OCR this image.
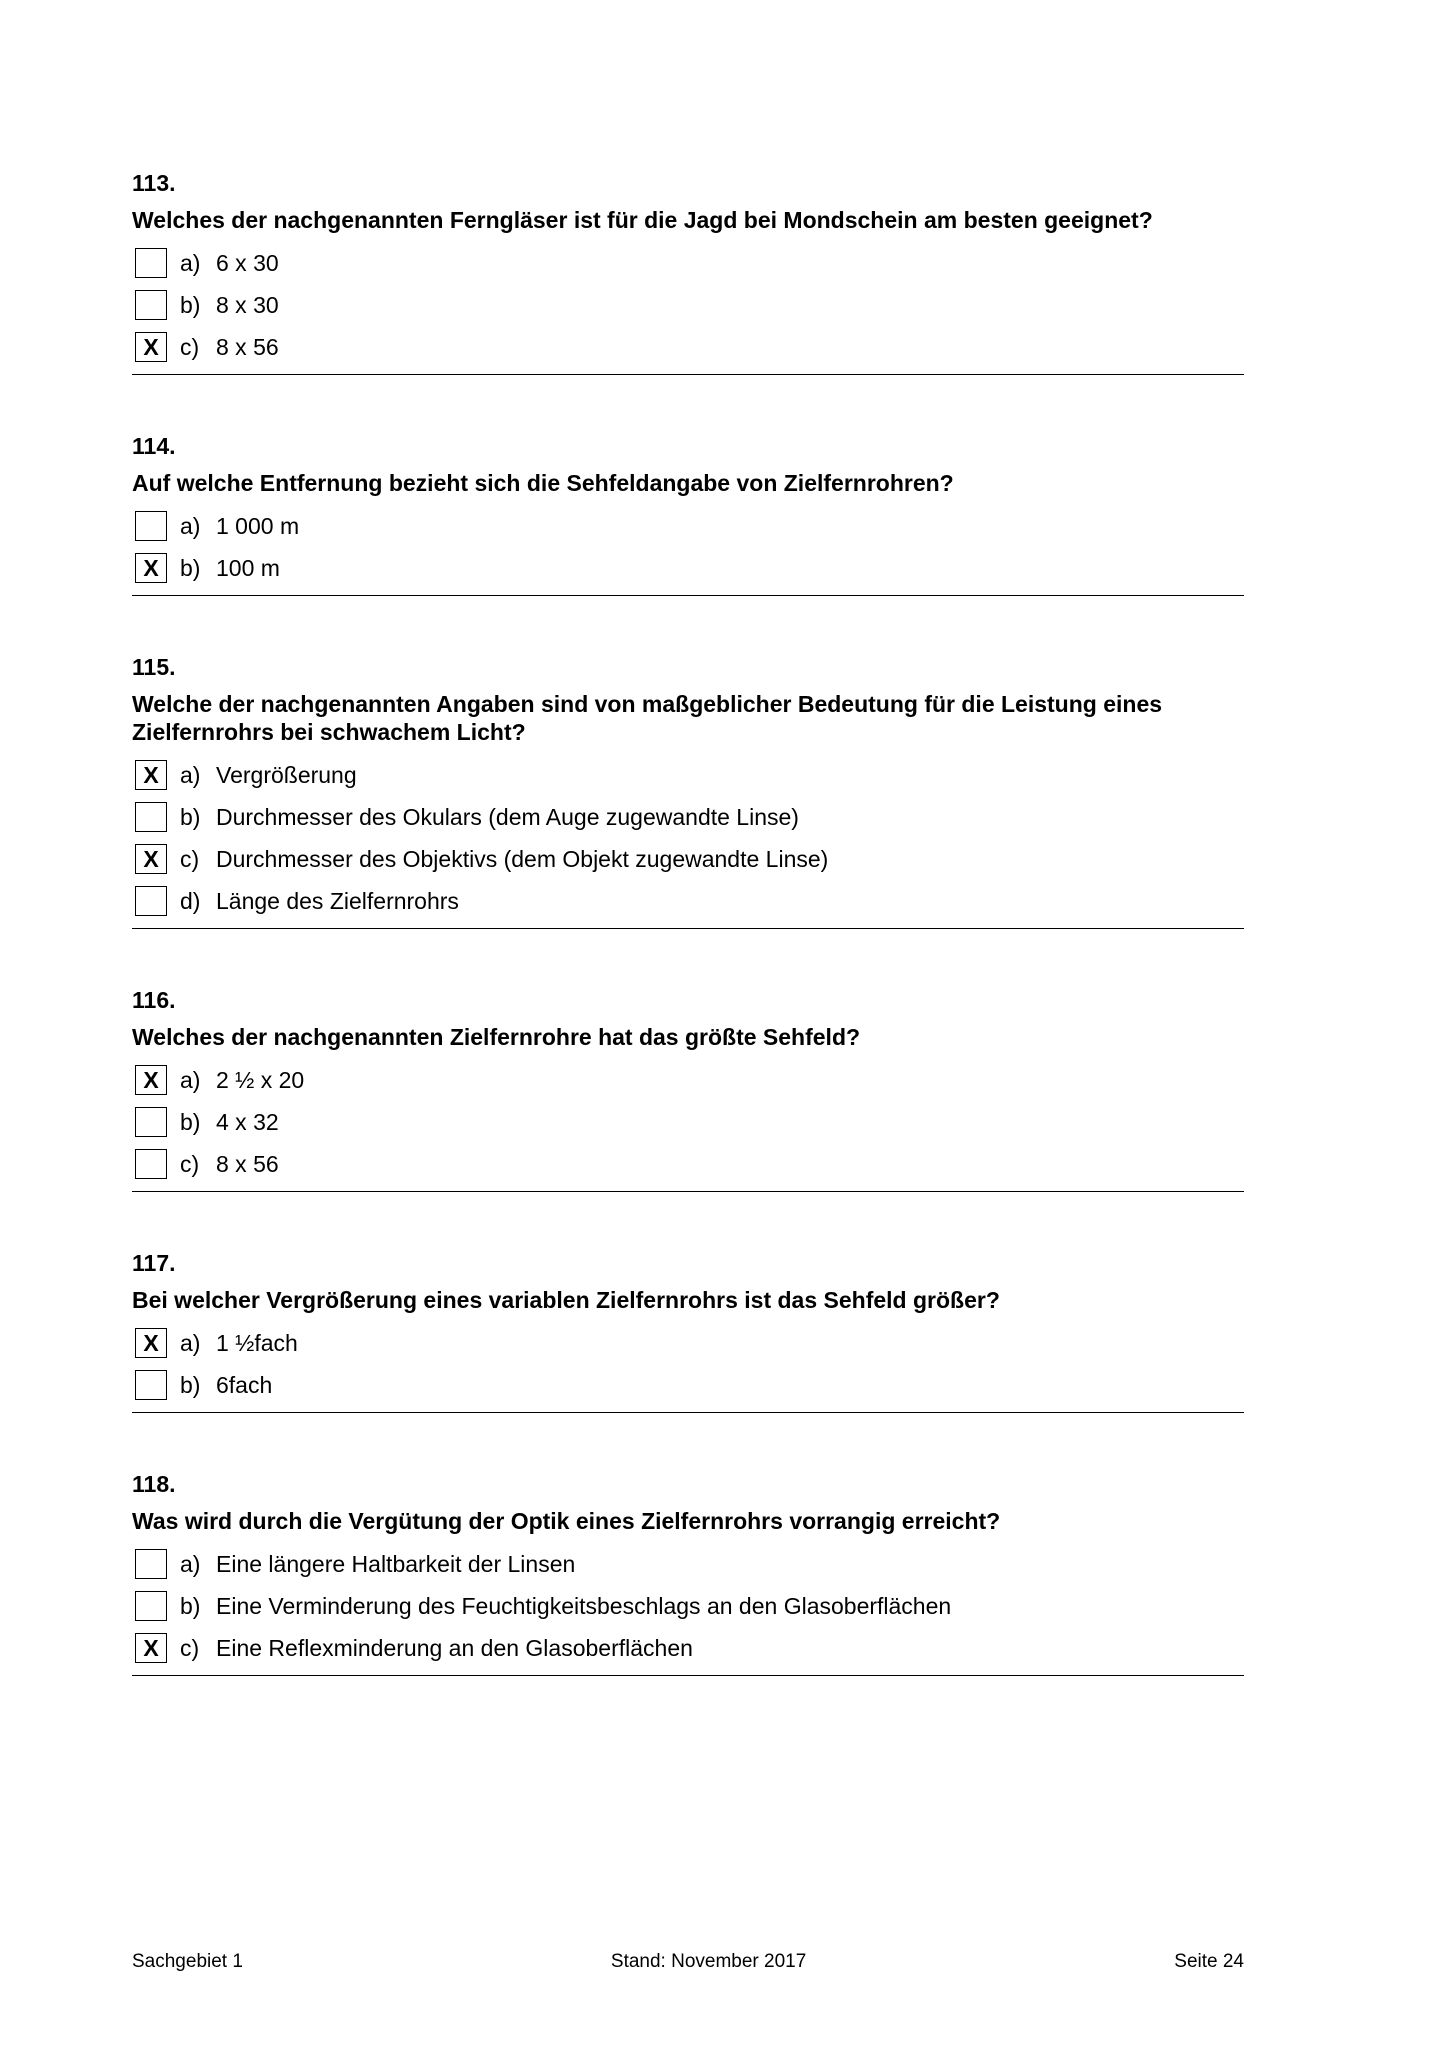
113.
Welches der nachgenannten Ferngläser ist für die Jagd bei Mondschein am besten geeignet?
a) 6 x 30
b) 8 x 30
X c) 8 x 56
114.
Auf welche Entfernung bezieht sich die Sehfeldangabe von Zielfernrohren?
a) 1 000 m
X b) 100 m
115.
Welche der nachgenannten Angaben sind von maßgeblicher Bedeutung für die Leistung eines Zielfernrohrs bei schwachem Licht?
X a) Vergrößerung
b) Durchmesser des Okulars (dem Auge zugewandte Linse)
X c) Durchmesser des Objektivs (dem Objekt zugewandte Linse)
d) Länge des Zielfernrohrs
116.
Welches der nachgenannten Zielfernrohre hat das größte Sehfeld?
X a) 2 ½ x 20
b) 4 x 32
c) 8 x 56
117.
Bei welcher Vergrößerung eines variablen Zielfernrohrs ist das Sehfeld größer?
X a) 1 ½fach
b) 6fach
118.
Was wird durch die Vergütung der Optik eines Zielfernrohrs vorrangig erreicht?
a) Eine längere Haltbarkeit der Linsen
b) Eine Verminderung des Feuchtigkeitsbeschlags an den Glasoberflächen
X c) Eine Reflexminderung an den Glasoberflächen
Sachgebiet 1	Stand: November 2017	Seite 24
